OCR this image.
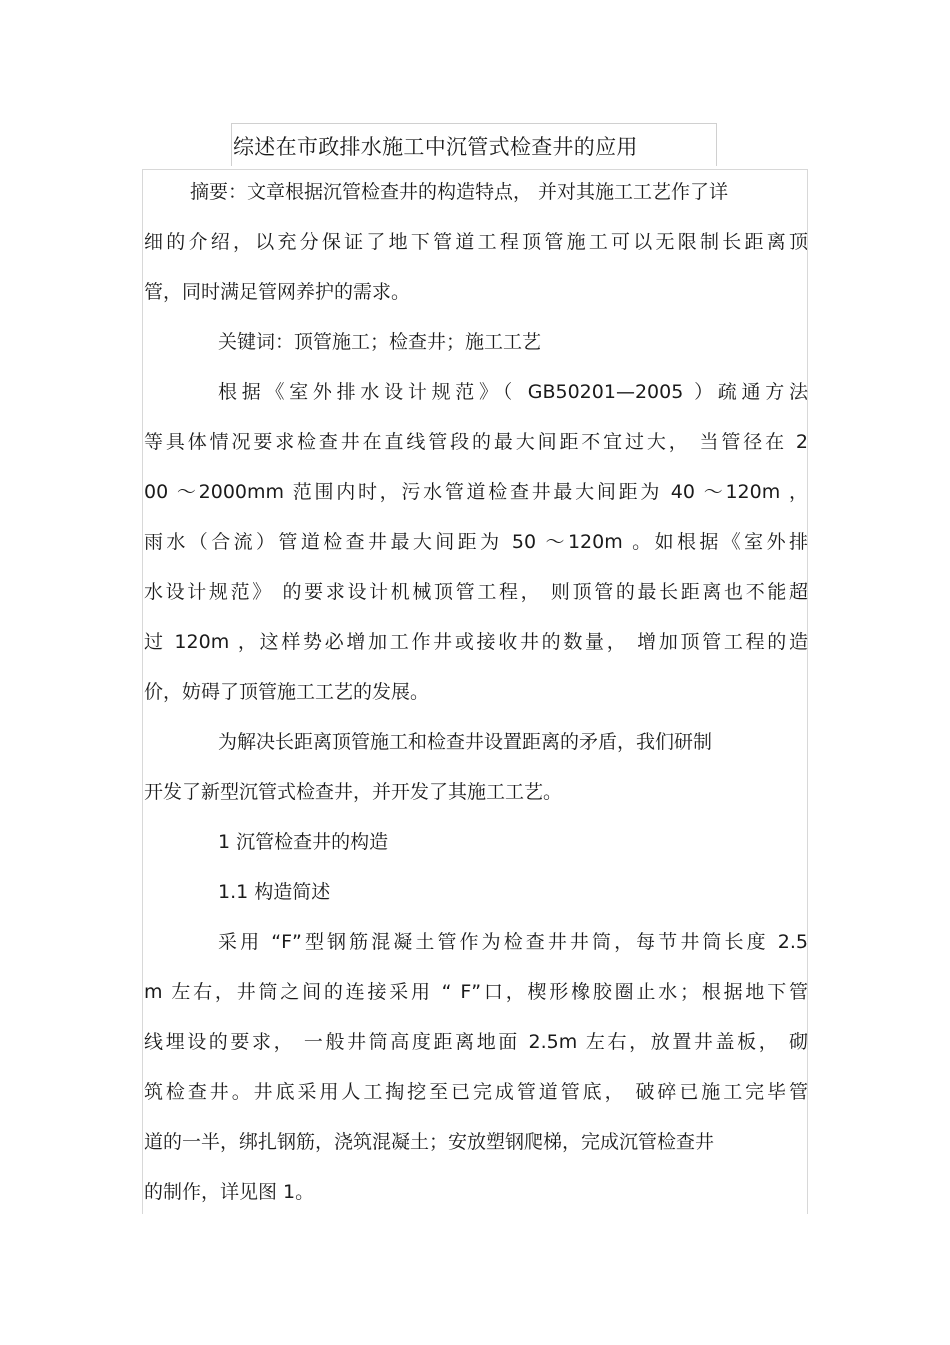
综述在市政排水施工中沉管式检查井的应用
摘要：文章根据沉管检查井的构造特点， 并对其施工工艺作了详
细的介绍，以充分保证了地下管道工程顶管施工可以无限制长距离顶
管，同时满足管网养护的需求。
关键词：顶管施工；检查井；施工工艺
根据《室外排水设计规范》（ GB50201—2005 ）疏通方法
等具体情况要求检查井在直线管段的最大间距不宜过大， 当管径在 2
00 ～2000mm 范围内时，污水管道检查井最大间距为 40 ～120m ，
雨水（合流）管道检查井最大间距为 50 ～120m 。如根据《室外排
水设计规范》 的要求设计机械顶管工程， 则顶管的最长距离也不能超
过 120m ，这样势必增加工作井或接收井的数量， 增加顶管工程的造
价，妨碍了顶管施工工艺的发展。
为解决长距离顶管施工和检查井设置距离的矛盾，我们研制
开发了新型沉管式检查井，并开发了其施工工艺。
1 沉管检查井的构造
1.1 构造简述
采用 “F”型钢筋混凝土管作为检查井井筒，每节井筒长度 2.5
m 左右，井筒之间的连接采用 “ F”口，楔形橡胶圈止水；根据地下管
线埋设的要求， 一般井筒高度距离地面 2.5m 左右，放置井盖板， 砌
筑检查井。井底采用人工掏挖至已完成管道管底， 破碎已施工完毕管
道的一半，绑扎钢筋，浇筑混凝土；安放塑钢爬梯，完成沉管检查井
的制作，详见图 1。
